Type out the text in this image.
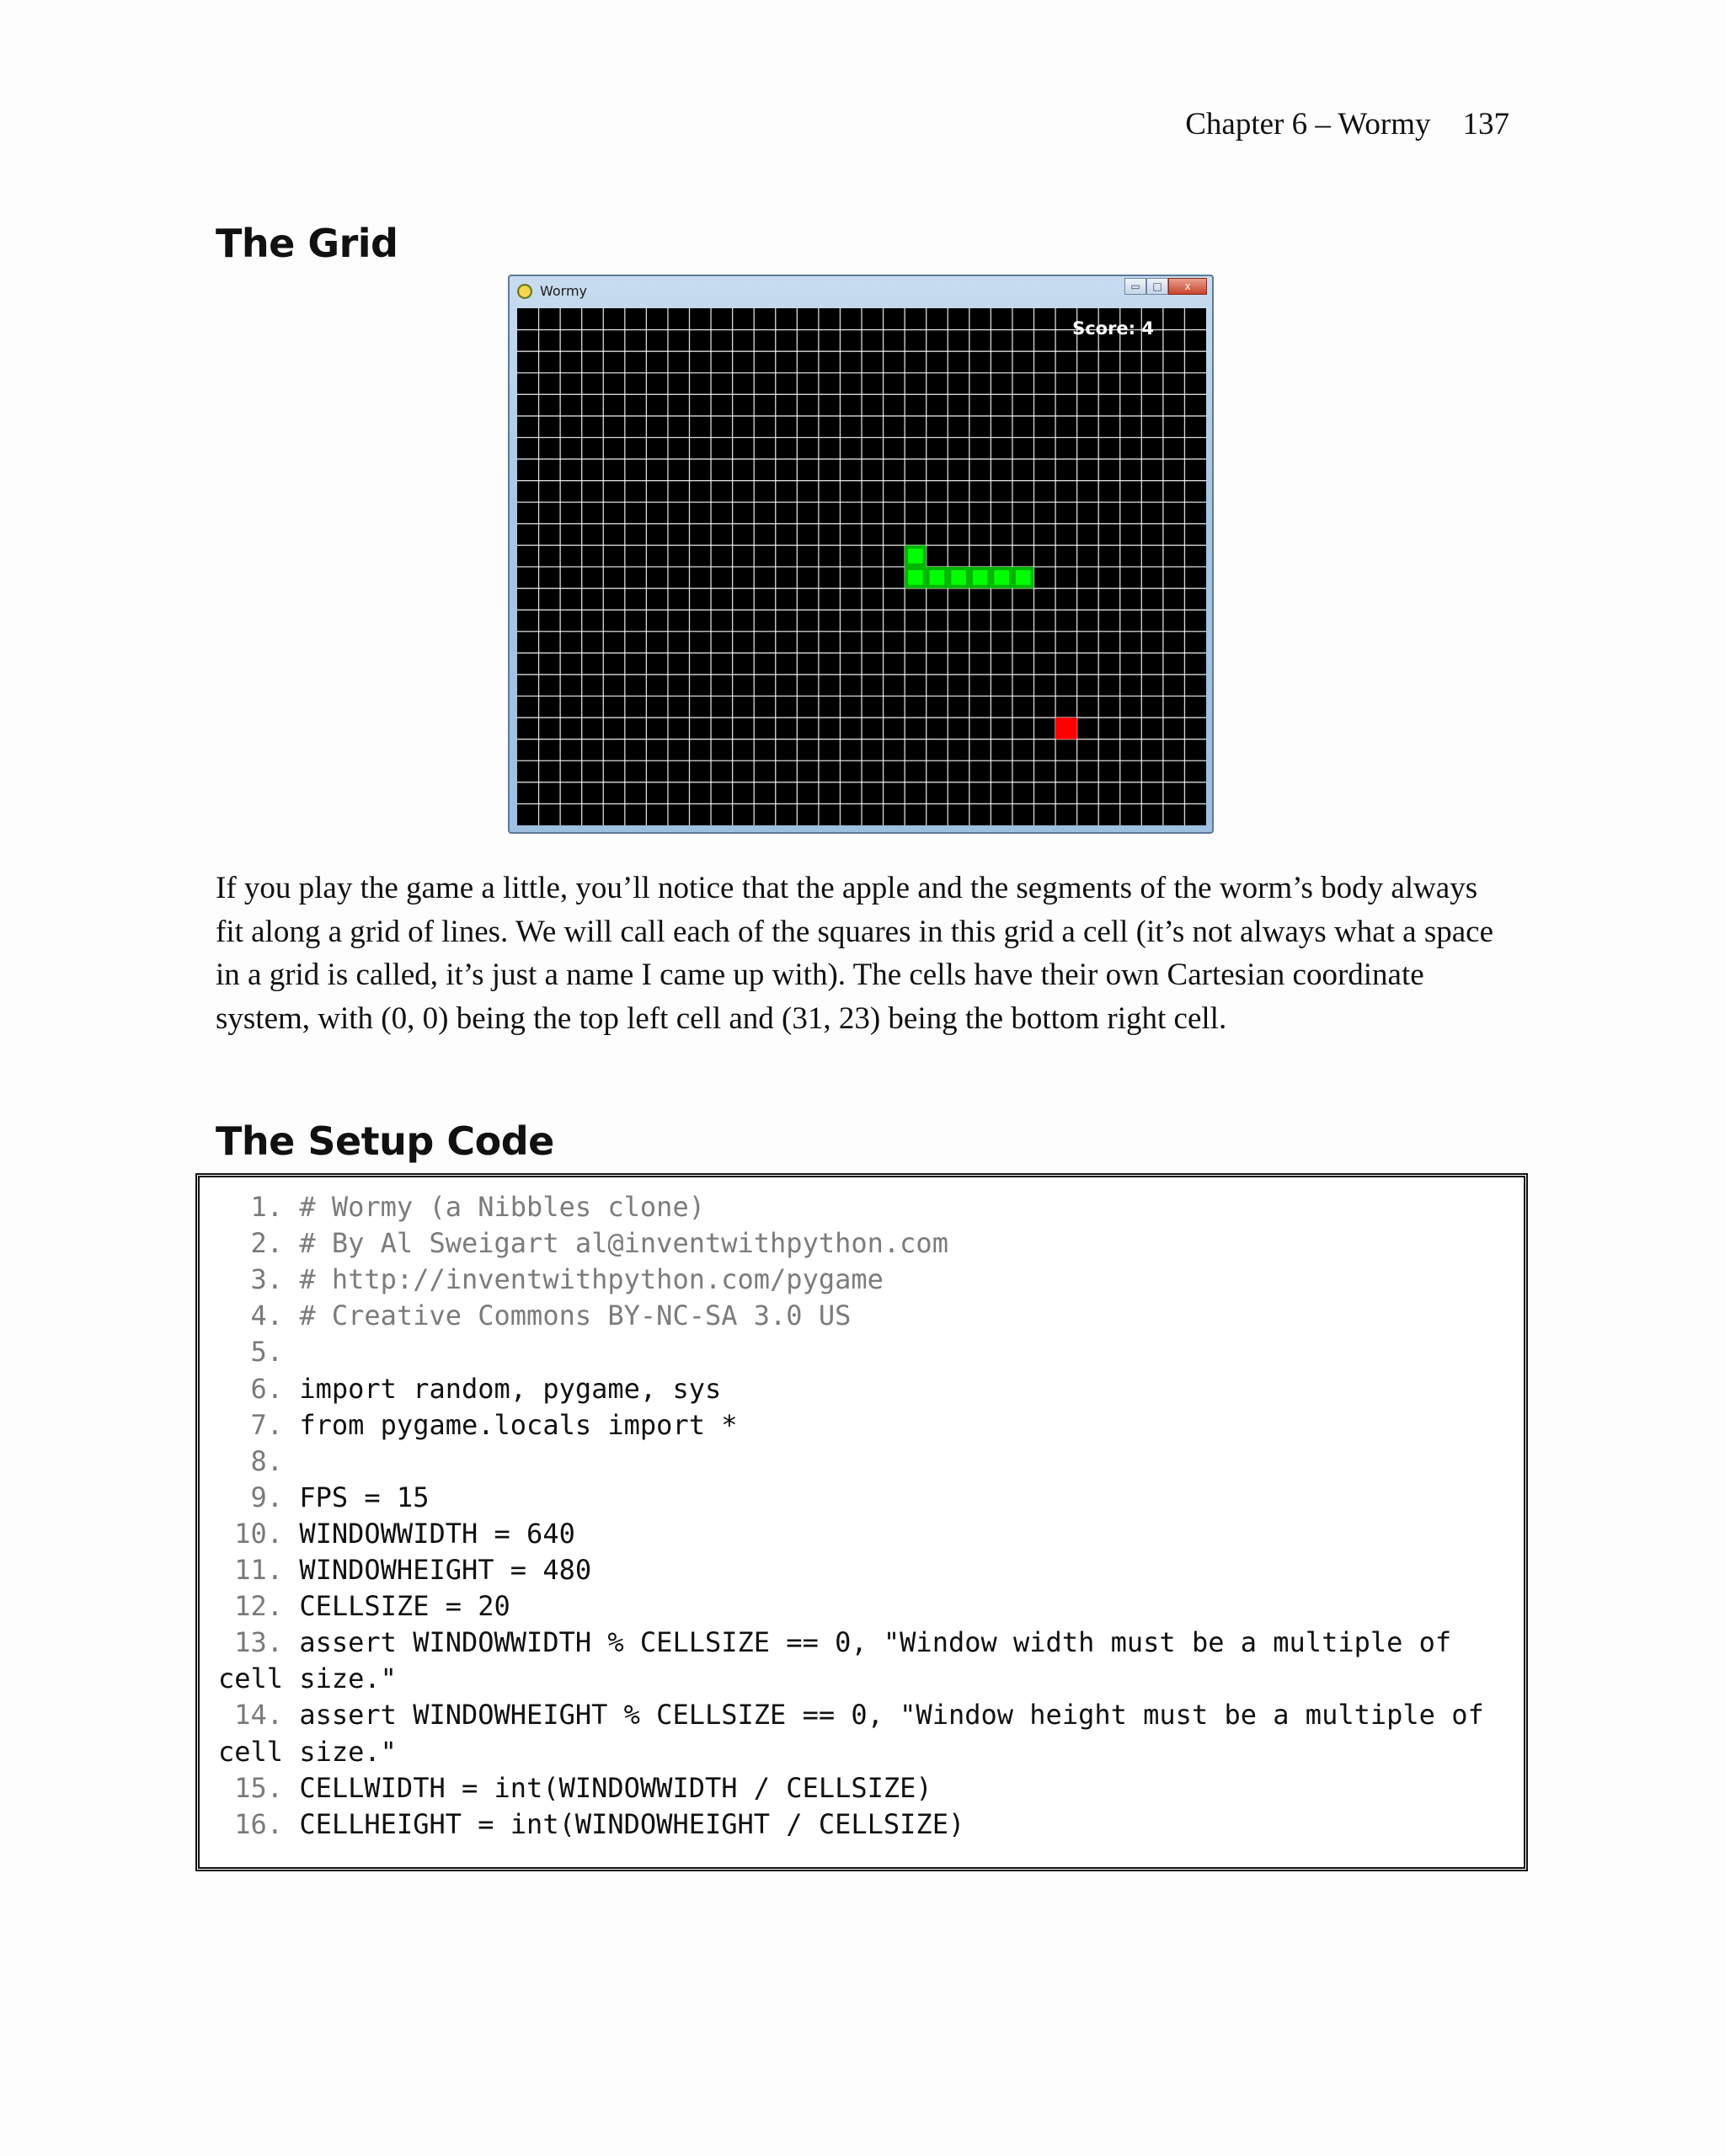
Chapter 6 – Wormy 137
The Grid
Wormy	▭	□	x
Score: 4

If you play the game a little, you’ll notice that the apple and the segments of the worm’s body always fit along a grid of lines. We will call each of the squares in this grid a cell (it’s not always what a space in a grid is called, it’s just a name I came up with). The cells have their own Cartesian coordinate system, with (0, 0) being the top left cell and (31, 23) being the bottom right cell.

The Setup Code
1. # Wormy (a Nibbles clone)
2. # By Al Sweigart al@inventwithpython.com
3. # http://inventwithpython.com/pygame
4. # Creative Commons BY-NC-SA 3.0 US
5.
6. import random, pygame, sys
7. from pygame.locals import *
8.
9. FPS = 15
10. WINDOWWIDTH = 640
11. WINDOWHEIGHT = 480
12. CELLSIZE = 20
13. assert WINDOWWIDTH % CELLSIZE == 0, "Window width must be a multiple of
cell size."
14. assert WINDOWHEIGHT % CELLSIZE == 0, "Window height must be a multiple of
cell size."
15. CELLWIDTH = int(WINDOWWIDTH / CELLSIZE)
16. CELLHEIGHT = int(WINDOWHEIGHT / CELLSIZE)
